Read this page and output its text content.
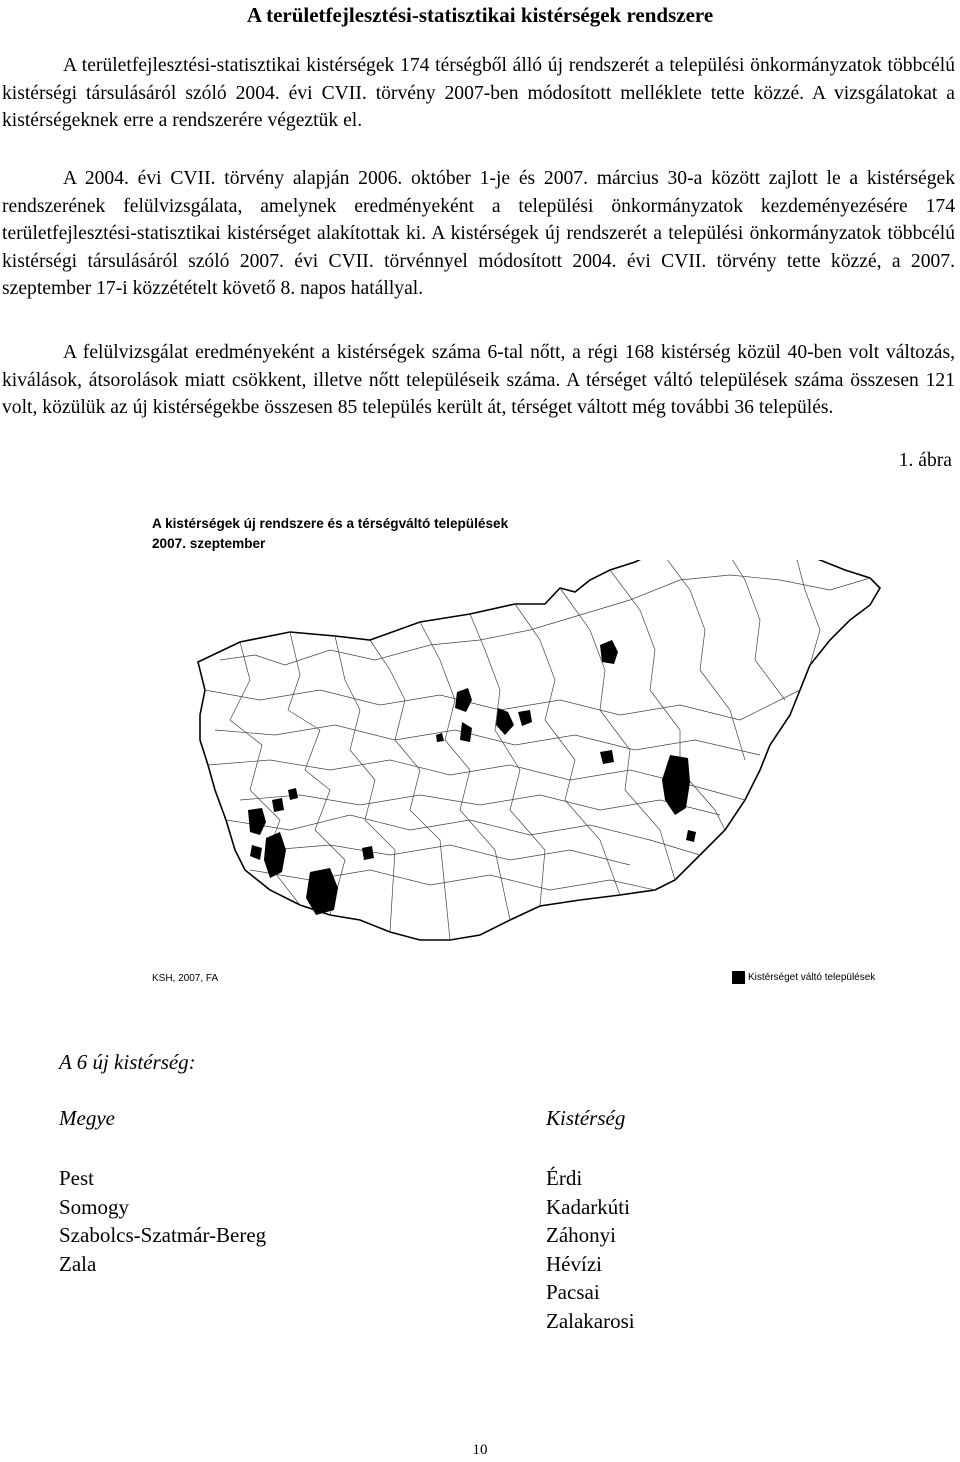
A területfejlesztési-statisztikai kistérségek rendszere

A területfejlesztési-statisztikai kistérségek 174 térségből álló új rendszerét a települési önkormányzatok többcélú kistérségi társulásáról szóló 2004. évi CVII. törvény 2007-ben módosított melléklete tette közzé. A vizsgálatokat a kistérségeknek erre a rendszerére végeztük el.

A 2004. évi CVII. törvény alapján 2006. október 1-je és 2007. március 30-a között zajlott le a kistérségek rendszerének felülvizsgálata, amelynek eredményeként a települési önkormányzatok kezdeményezésére 174 területfejlesztési-statisztikai kistérséget alakítottak ki. A kistérségek új rendszerét a települési önkormányzatok többcélú kistérségi társulásáról szóló 2007. évi CVII. törvénnyel módosított 2004. évi CVII. törvény tette közzé, a 2007. szeptember 17-i közzétételt követő 8. napos hatállyal.

A felülvizsgálat eredményeként a kistérségek száma 6-tal nőtt, a régi 168 kistérség közül 40-ben volt változás, kiválások, átsorolások miatt csökkent, illetve nőtt településeik száma. A térséget váltó települések száma összesen 121 volt, közülük az új kistérségekbe összesen 85 település került át, térséget váltott még további 36 település.

1. ábra
A kistérségek új rendszere és a térségváltó települések
2007. szeptember
KSH, 2007, FA	Kistérséget váltó települések
A 6 új kistérség:
Megye	Kistérség
Pest
Somogy
Szabolcs-Szatmár-Bereg
Zala
Érdi
Kadarkúti
Záhonyi
Hévízi
Pacsai
Zalakarosi
10
